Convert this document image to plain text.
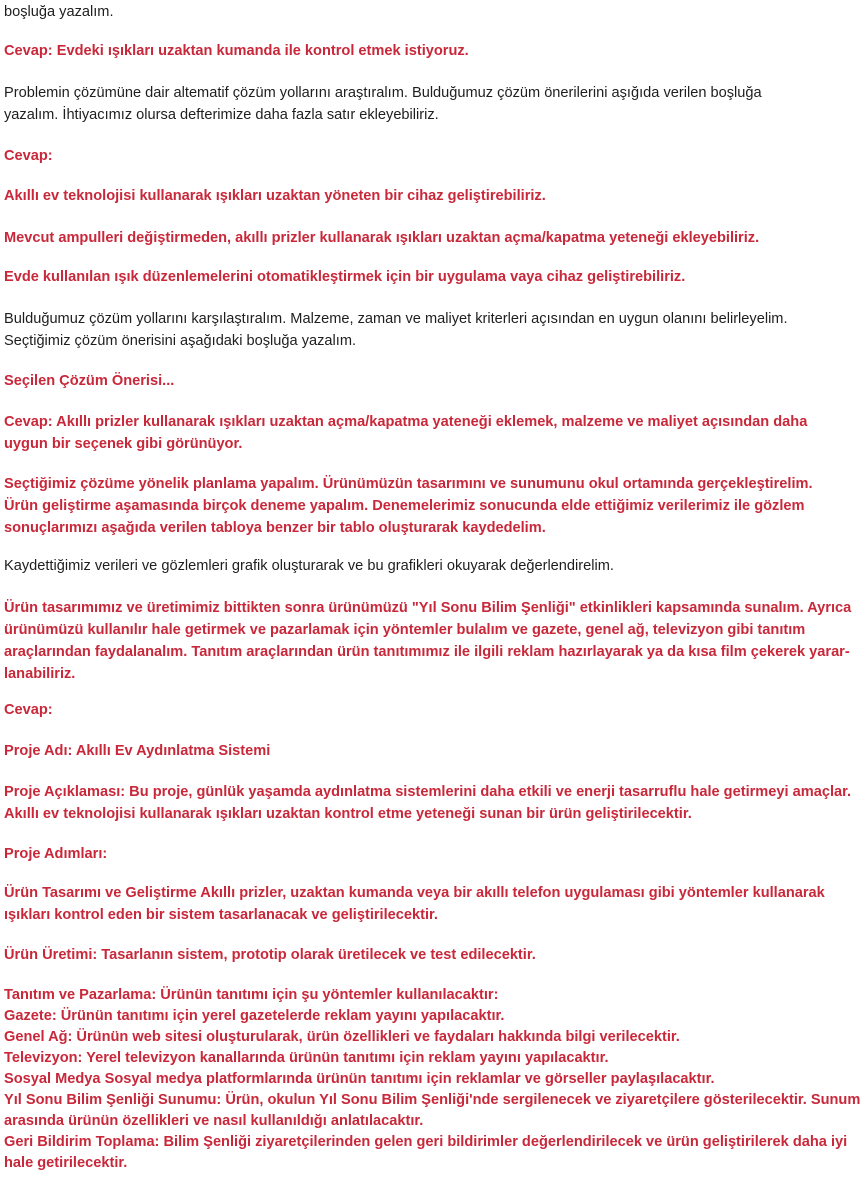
boşluğa yazalım.

Cevap: Evdeki ışıkları uzaktan kumanda ile kontrol etmek istiyoruz.

Problemin çözümüne dair altematif çözüm yollarını araştıralım. Bulduğumuz çözüm önerilerini aşığıda verilen boşluğa
yazalım. İhtiyacımız olursa defterimize daha fazla satır ekleyebiliriz.

Cevap:

Akıllı ev teknolojisi kullanarak ışıkları uzaktan yöneten bir cihaz geliştirebiliriz.

Mevcut ampulleri değiştirmeden, akıllı prizler kullanarak ışıkları uzaktan açma/kapatma yeteneği ekleyebiliriz.

Evde kullanılan ışık düzenlemelerini otomatikleştirmek için bir uygulama vaya cihaz geliştirebiliriz.

Bulduğumuz çözüm yollarını karşılaştıralım. Malzeme, zaman ve maliyet kriterleri açısından en uygun olanını belirleyelim.
Seçtiğimiz çözüm önerisini aşağıdaki boşluğa yazalım.

Seçilen Çözüm Önerisi...

Cevap: Akıllı prizler kullanarak ışıkları uzaktan açma/kapatma yateneği eklemek, malzeme ve maliyet açısından daha
uygun bir seçenek gibi görünüyor.

Seçtiğimiz çözüme yönelik planlama yapalım. Ürünümüzün tasarımını ve sunumunu okul ortamında gerçekleştirelim.
Ürün geliştirme aşamasında birçok deneme yapalım. Denemelerimiz sonucunda elde ettiğimiz verilerimiz ile gözlem
sonuçlarımızı aşağıda verilen tabloya benzer bir tablo oluşturarak kaydedelim.

Kaydettiğimiz verileri ve gözlemleri grafik oluşturarak ve bu grafikleri okuyarak değerlendirelim.

Ürün tasarımımız ve üretimimiz bittikten sonra ürünümüzü "Yıl Sonu Bilim Şenliği" etkinlikleri kapsamında sunalım. Ayrıca
ürünümüzü kullanılır hale getirmek ve pazarlamak için yöntemler bulalım ve gazete, genel ağ, televizyon gibi tanıtım
araçlarından faydalanalım. Tanıtım araçlarından ürün tanıtımımız ile ilgili reklam hazırlayarak ya da kısa film çekerek yarar-
lanabiliriz.

Cevap:

Proje Adı: Akıllı Ev Aydınlatma Sistemi

Proje Açıklaması: Bu proje, günlük yaşamda aydınlatma sistemlerini daha etkili ve enerji tasarruflu hale getirmeyi amaçlar.
Akıllı ev teknolojisi kullanarak ışıkları uzaktan kontrol etme yeteneği sunan bir ürün geliştirilecektir.

Proje Adımları:

Ürün Tasarımı ve Geliştirme Akıllı prizler, uzaktan kumanda veya bir akıllı telefon uygulaması gibi yöntemler kullanarak
ışıkları kontrol eden bir sistem tasarlanacak ve geliştirilecektir.

Ürün Üretimi: Tasarlanın sistem, prototip olarak üretilecek ve test edilecektir.

Tanıtım ve Pazarlama: Ürünün tanıtımı için şu yöntemler kullanılacaktır:
Gazete: Ürünün tanıtımı için yerel gazetelerde reklam yayını yapılacaktır.
Genel Ağ: Ürünün web sitesi oluşturularak, ürün özellikleri ve faydaları hakkında bilgi verilecektir.
Televizyon: Yerel televizyon kanallarında ürünün tanıtımı için reklam yayını yapılacaktır.
Sosyal Medya Sosyal medya platformlarında ürünün tanıtımı için reklamlar ve görseller paylaşılacaktır.
Yıl Sonu Bilim Şenliği Sunumu: Ürün, okulun Yıl Sonu Bilim Şenliği'nde sergilenecek ve ziyaretçilere gösterilecektir. Sunum
arasında ürünün özellikleri ve nasıl kullanıldığı anlatılacaktır.
Geri Bildirim Toplama: Bilim Şenliği ziyaretçilerinden gelen geri bildirimler değerlendirilecek ve ürün geliştirilerek daha iyi
hale getirilecektir.
